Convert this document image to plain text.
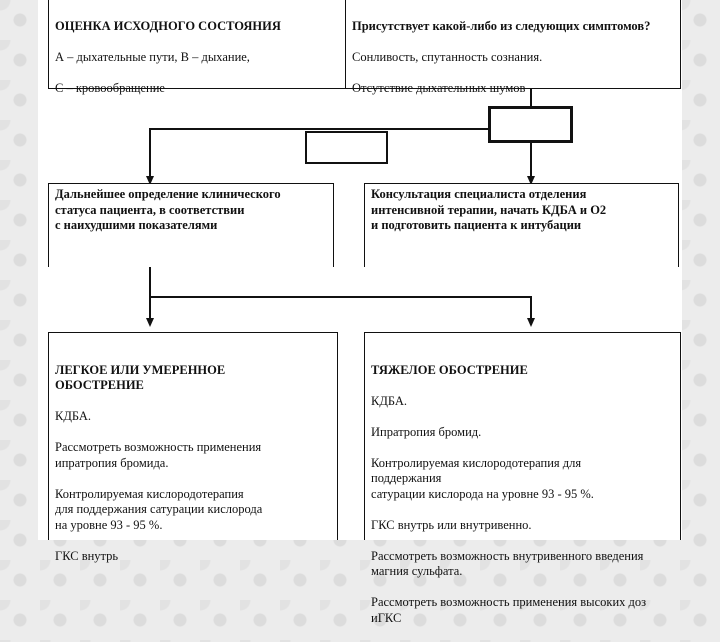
ОЦЕНКА ИСХОДНОГО СОСТОЯНИЯ

А – дыхательные пути, В – дыхание,

С – кровообращение

Присутствует какой-либо из следующих симптомов?

Сонливость, спутанность сознания.

Отсутствие дыхательных шумов

Дальнейшее определение клинического
статуса пациента, в соответствии
с наихудшими показателями
Консультация специалиста отделения
интенсивной терапии, начать КДБА и О2
и подготовить пациента к интубации

ЛЕГКОЕ ИЛИ УМЕРЕННОЕ
ОБОСТРЕНИЕ

КДБА.

Рассмотреть возможность применения
ипратропия бромида.

Контролируемая кислородотерапия
для поддержания сатурации кислорода
на уровне 93 - 95 %.

ГКС внутрь

ТЯЖЕЛОЕ ОБОСТРЕНИЕ

КДБА.

Ипратропия бромид.

Контролируемая кислородотерапия для
поддержания
сатурации кислорода на уровне 93 - 95 %.

ГКС внутрь или внутривенно.

Рассмотреть возможность внутривенного введения
магния сульфата.

Рассмотреть возможность применения высоких доз
иГКС
